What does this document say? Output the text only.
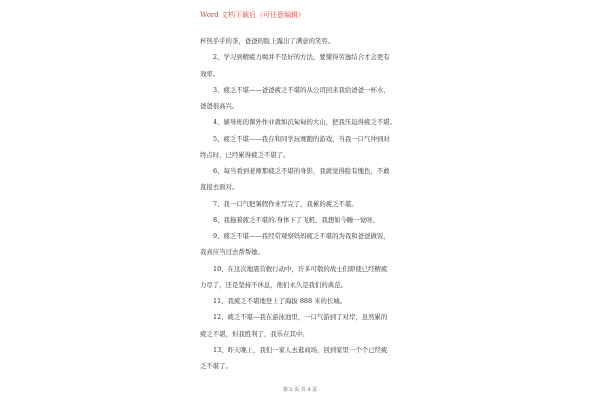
Word 文档下载后（可任意编辑）
杯热乎乎的茶，爸爸的脸上露出了满意的笑容。
2、学习到精疲力竭并不是好的方法，要懂得劳逸结合才会更有
效率。
3、疲乏不堪——爸爸疲乏不堪的从公司回来我给爸爸一杯水，
爸爸很高兴。
4、辅导班的课外作业就如沉甸甸的大山，把我压迫得疲乏不堪。
5、疲乏不堪——我在和同学玩赛跑的游戏，当我一口气冲到对
终点时，已经累得疲乏不堪了。
6、每当看到老师那疲乏不堪的身影，我就觉得脸有愧色，不敢
直接去面对。
7、我一口气把暑假作业写完了，我累的疲乏不堪。
8、我拖着疲乏不堪的.身体下了飞机，我想如今睡一觉呀。
9、疲乏不堪——我经常观察妈妈疲乏不堪的为我和爸爸做饭，
我真应当过去帮帮她。
10、在这次地震营救行动中，许多可敬的战士们即使已经精疲
力尽了，还是坚持不休息，他们永久是我们的典范。
11、我疲乏不堪地登上了海拔 888 米的长城。
12、疲乏不堪—我在游泳池里，一口气游到了对岸，虽然累的
疲乏不堪，但我胜利了，我乐在其中。
第 2 页 共 4 页
13、昨天晚上，我们一家人去逛商场，回到家里一个个已经疲
乏不堪了。
